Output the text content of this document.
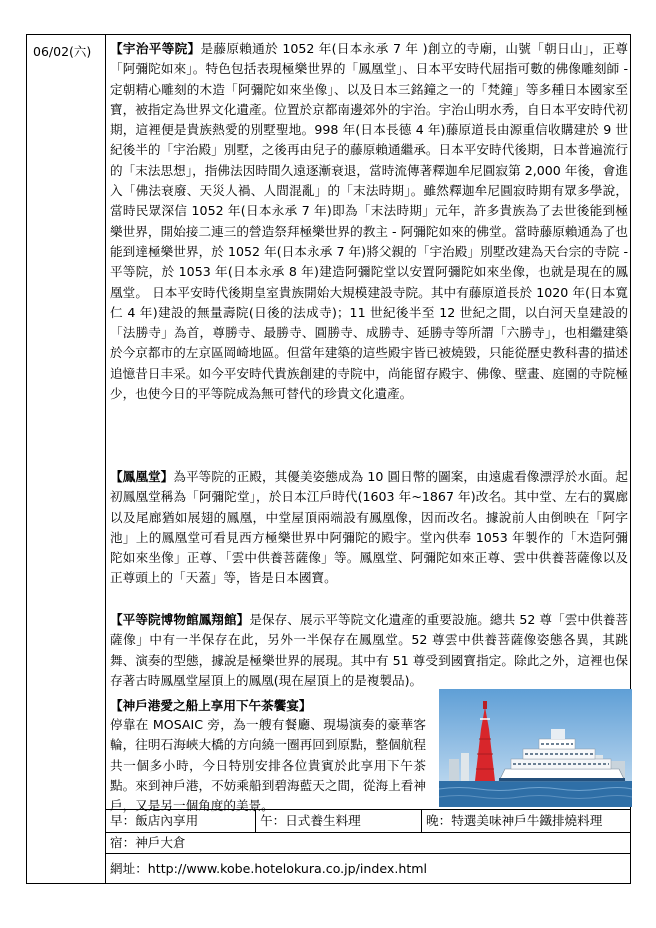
06/02(六) 【宇治平等院】是藤原賴通於 1052 年(日本永承 7 年 )創立的寺廟，山號「朝日山」，正尊「阿彌陀如來」。特色包括表現極樂世界的「鳳凰堂」、日本平安時代屈指可數的佛像雕刻師 - 定朝精心雕刻的木造「阿彌陀如來坐像」、以及日本三銘鐘之一的「梵鐘」等多種日本國家至寶，被指定為世界文化遺產。位置於京都南邊郊外的宇治。宇治山明水秀，自日本平安時代初期，這裡便是貴族熱愛的別墅聖地。998 年(日本長德 4 年)藤原道長由源重信收購建於 9 世紀後半的「宇治殿」別墅，之後再由兒子的藤原賴通繼承。日本平安時代後期，日本普遍流行的「末法思想」，指佛法因時間久遠逐漸衰退，當時流傳著釋迦牟尼圓寂第 2,000 年後，會進入「佛法衰廢、天災人禍、人間混亂」的「末法時期」。雖然釋迦牟尼圓寂時期有眾多學說，當時民眾深信 1052 年(日本永承 7 年)即為「末法時期」元年，許多貴族為了去世後能到極樂世界，開始接二連三的營造祭拜極樂世界的教主 - 阿彌陀如來的佛堂。當時藤原賴通為了也能到達極樂世界，於 1052 年(日本永承 7 年)將父親的「宇治殿」別墅改建為天台宗的寺院 - 平等院，於 1053 年(日本永承 8 年)建造阿彌陀堂以安置阿彌陀如來坐像，也就是現在的鳳凰堂。 日本平安時代後期皇室貴族開始大規模建設寺院。其中有藤原道長於 1020 年(日本寬仁 4 年)建設的無量壽院(日後的法成寺)；11 世紀後半至 12 世紀之間，以白河天皇建設的「法勝寺」為首，尊勝寺、最勝寺、圓勝寺、成勝寺、延勝寺等所謂「六勝寺」，也相繼建築於今京都市的左京區岡崎地區。但當年建築的這些殿宇皆已被燒毀，只能從歷史教科書的描述追憶昔日丰采。如今平安時代貴族創建的寺院中，尚能留存殿宇、佛像、壁畫、庭園的寺院極少，也使今日的平等院成為無可替代的珍貴文化遺產。
【鳳凰堂】為平等院的正殿，其優美姿態成為 10 圓日幣的圖案，由遠處看像漂浮於水面。起初鳳凰堂稱為「阿彌陀堂」，於日本江戶時代(1603 年~1867 年)改名。其中堂、左右的翼廊以及尾廊猶如展翅的鳳凰，中堂屋頂兩端設有鳳凰像，因而改名。據說前人由倒映在「阿字池」上的鳳凰堂可看見西方極樂世界中阿彌陀的殿宇。堂內供奉 1053 年製作的「木造阿彌陀如來坐像」正尊、「雲中供養菩薩像」等。鳳凰堂、阿彌陀如來正尊、雲中供養菩薩像以及正尊頭上的「天蓋」等，皆是日本國寶。
【平等院博物館鳳翔館】是保存、展示平等院文化遺產的重要設施。總共 52 尊「雲中供養菩薩像」中有一半保存在此，另外一半保存在鳳凰堂。52 尊雲中供養菩薩像姿態各異，其跳舞、演奏的型態，據說是極樂世界的展現。其中有 51 尊受到國寶指定。除此之外，這裡也保存著古時鳳凰堂屋頂上的鳳凰(現在屋頂上的是複製品)。
【神戶港愛之船上享用下午茶饗宴】
停靠在 MOSAIC 旁，為一艘有餐廳、現場演奏的豪華客輪，往明石海峽大橋的方向繞一圈再回到原點，整個航程共一個多小時，今日特別安排各位貴賓於此享用下午茶點。來到神戶港，不妨乘船到碧海藍天之間，從海上看神戶，又是另一個角度的美景。
早：飯店內享用	午：日式養生料理	晚：特選美味神戶牛鐵排燒料理
宿：神戶大倉
網址：http://www.kobe.hotelokura.co.jp/index.html
